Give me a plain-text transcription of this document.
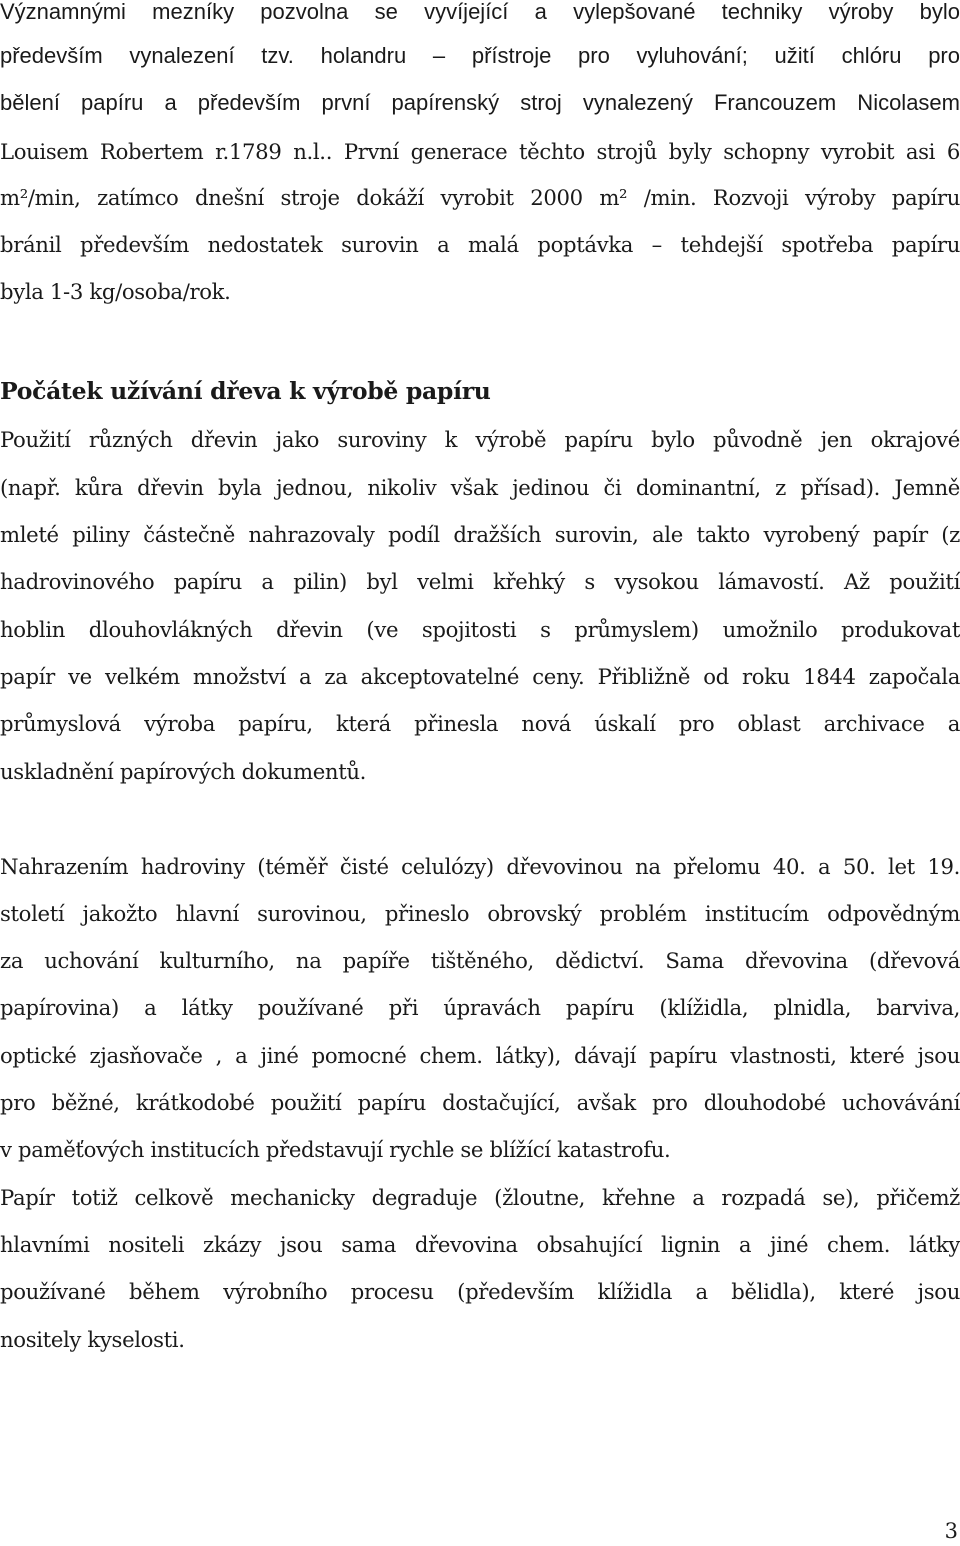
Významnými mezníky pozvolna se vyvíjející a vylepšované techniky výroby bylo

především vynalezení tzv. holandru – přístroje pro vyluhování; užití chlóru pro

bělení papíru a především první papírenský stroj vynalezený Francouzem Nicolasem

Louisem Robertem r.1789 n.l.. První generace těchto strojů byly schopny vyrobit asi 6

m²/min, zatímco dnešní stroje dokáží vyrobit 2000 m² /min. Rozvoji výroby papíru

bránil především nedostatek surovin a malá poptávka – tehdejší spotřeba papíru

byla 1-3 kg/osoba/rok.

Počátek užívání dřeva k výrobě papíru

Použití různých dřevin jako suroviny k výrobě papíru bylo původně jen okrajové

(např. kůra dřevin byla jednou, nikoliv však jedinou či dominantní, z přísad). Jemně

mleté piliny částečně nahrazovaly podíl dražších surovin, ale takto vyrobený papír (z

hadrovinového papíru a pilin) byl velmi křehký s vysokou lámavostí. Až použití

hoblin dlouhovlákných dřevin (ve spojitosti s průmyslem) umožnilo produkovat

papír ve velkém množství a za akceptovatelné ceny. Přibližně od roku 1844 započala

průmyslová výroba papíru, která přinesla nová úskalí pro oblast archivace a

uskladnění papírových dokumentů.

Nahrazením hadroviny (téměř čisté celulózy) dřevovinou na přelomu 40. a 50. let 19.

století jakožto hlavní surovinou, přineslo obrovský problém institucím odpovědným

za uchování kulturního, na papíře tištěného, dědictví. Sama dřevovina (dřevová

papírovina) a látky používané při úpravách papíru (klížidla, plnidla, barviva,

optické zjasňovače , a jiné pomocné chem. látky), dávají papíru vlastnosti, které jsou

pro běžné, krátkodobé použití papíru dostačující, avšak pro dlouhodobé uchovávání

v paměťových institucích představují rychle se blížící katastrofu.

Papír totiž celkově mechanicky degraduje (žloutne, křehne a rozpadá se), přičemž

hlavními nositeli zkázy jsou sama dřevovina obsahující lignin a jiné chem. látky

používané během výrobního procesu (především klížidla a bělidla), které jsou

nositely kyselosti.

3
